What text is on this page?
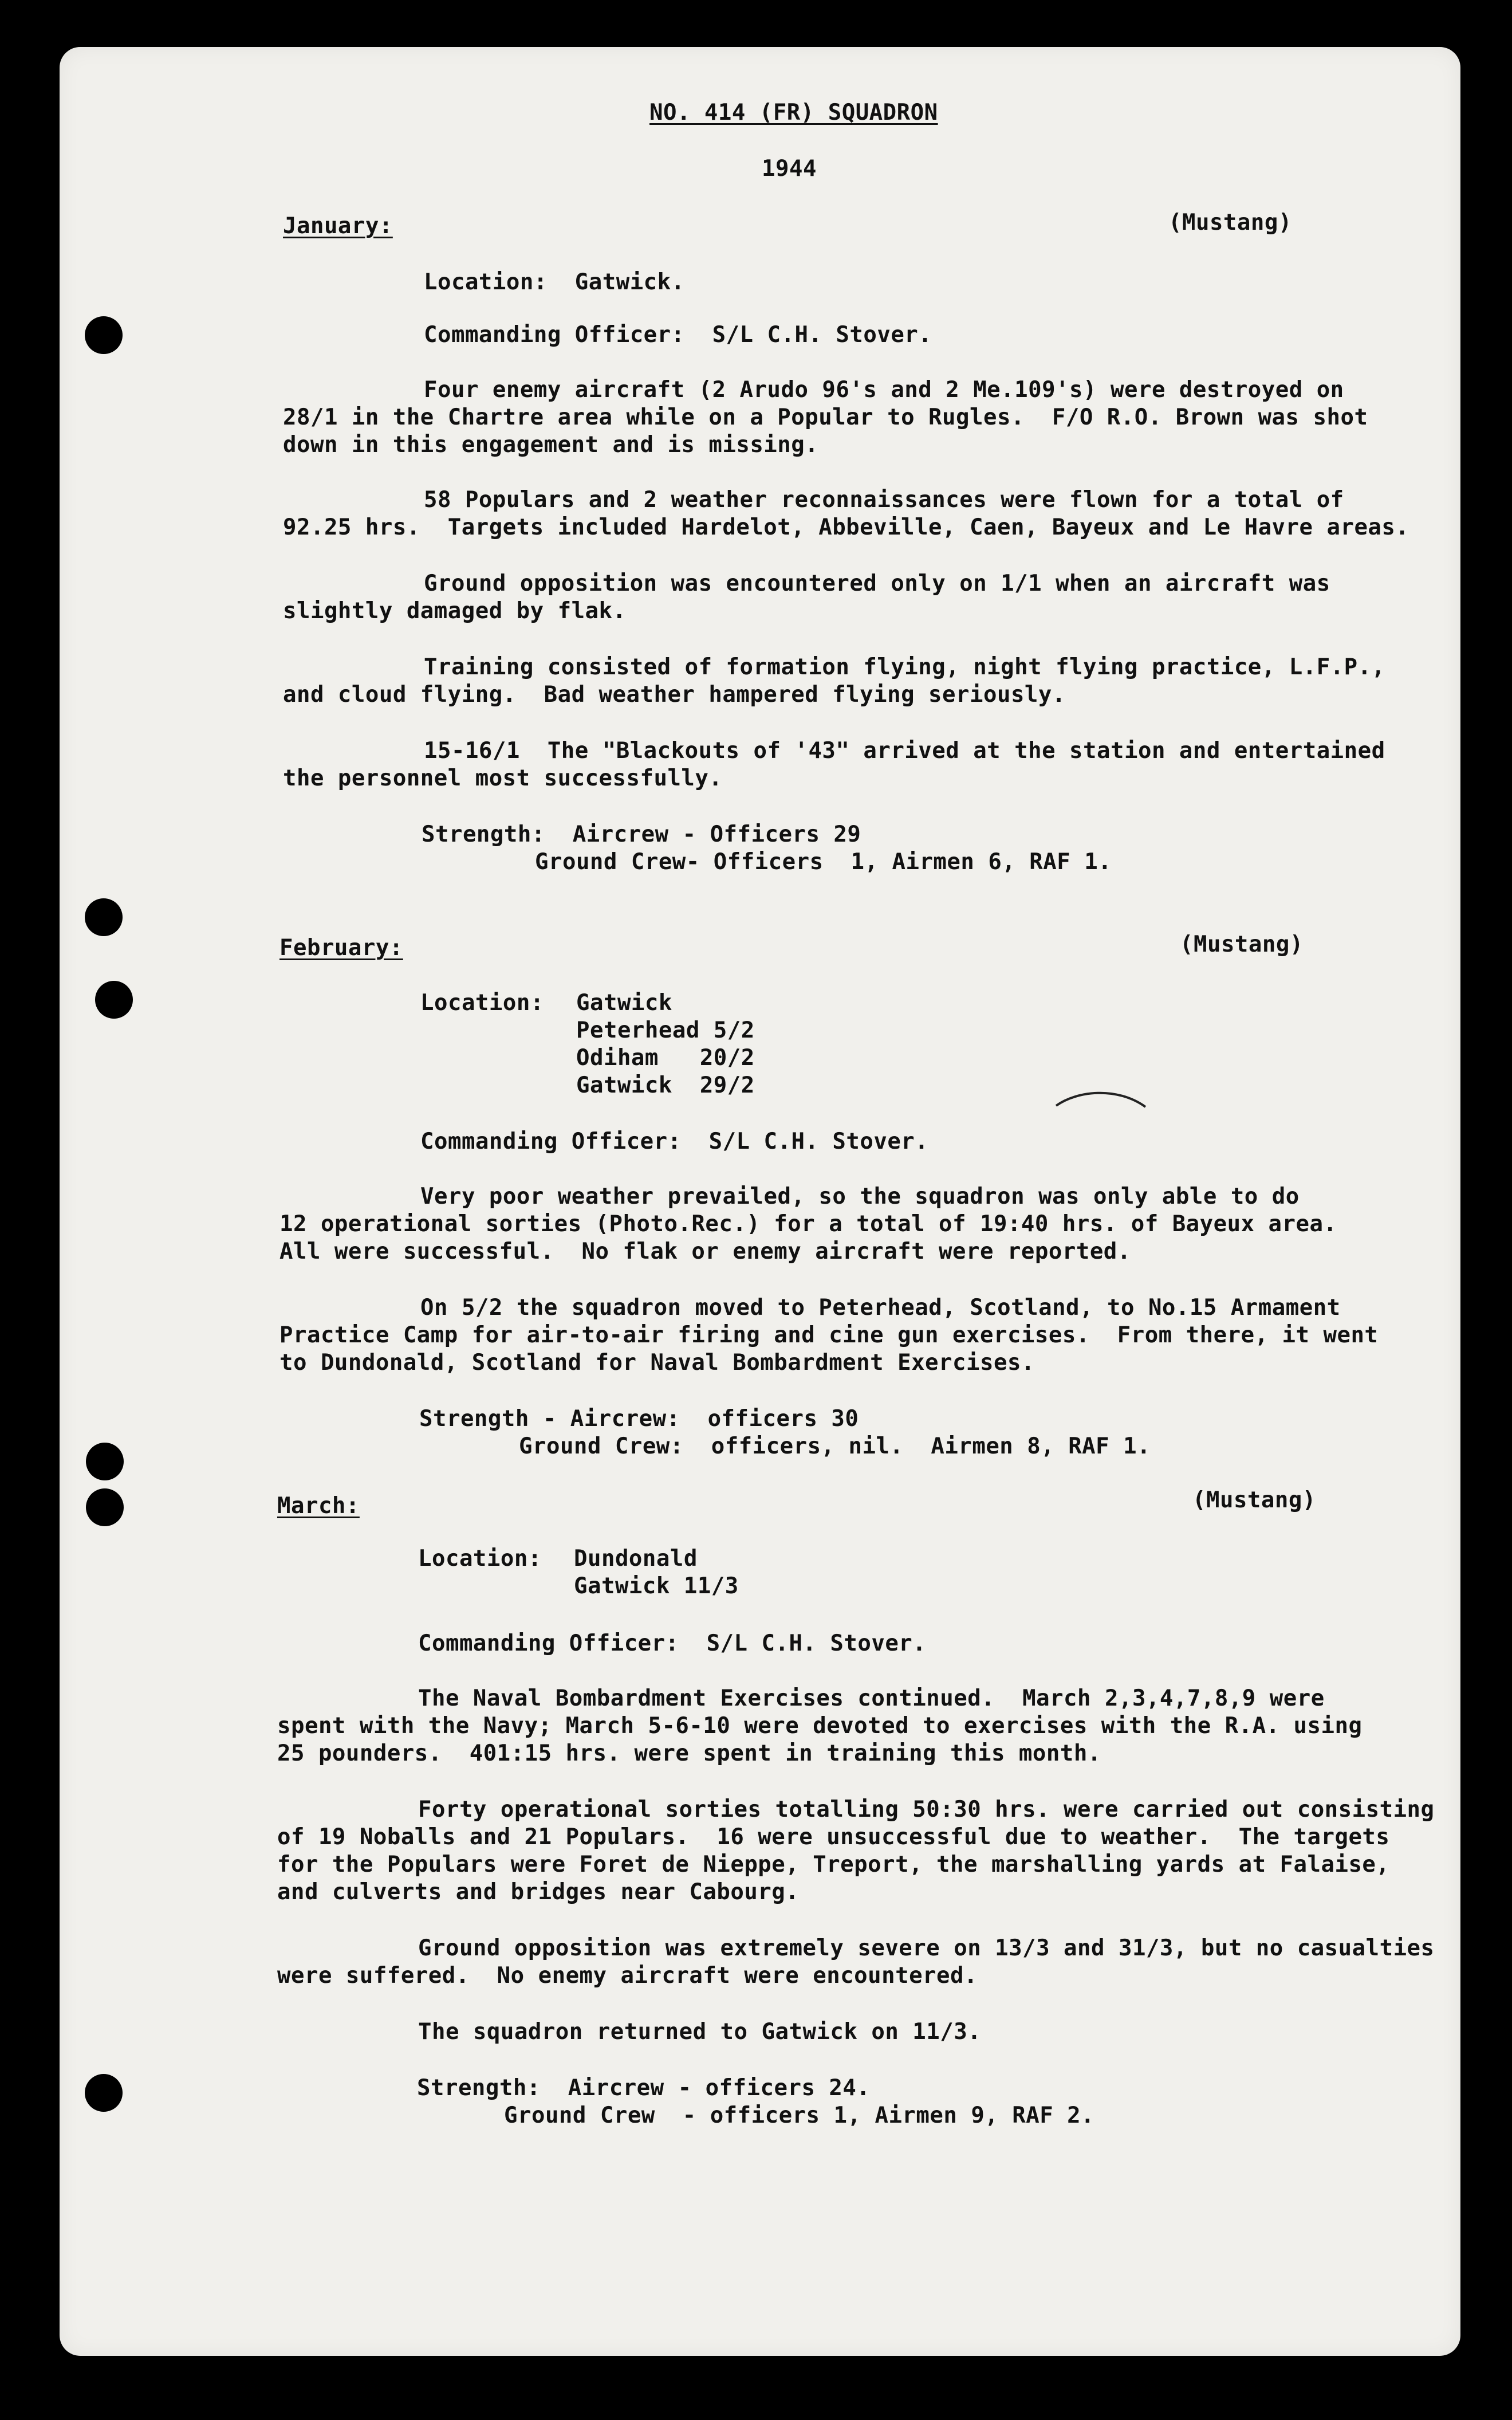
NO. 414 (FR) SQUADRON
1944
January:	(Mustang)
Location:  Gatwick.
Commanding Officer:  S/L C.H. Stover.
Four enemy aircraft (2 Arudo 96's and 2 Me.109's) were destroyed on
28/1 in the Chartre area while on a Popular to Rugles.  F/O R.O. Brown was shot
down in this engagement and is missing.
58 Populars and 2 weather reconnaissances were flown for a total of
92.25 hrs.  Targets included Hardelot, Abbeville, Caen, Bayeux and Le Havre areas.
Ground opposition was encountered only on 1/1 when an aircraft was
slightly damaged by flak.
Training consisted of formation flying, night flying practice, L.F.P.,
and cloud flying.  Bad weather hampered flying seriously.
15-16/1  The "Blackouts of '43" arrived at the station and entertained
the personnel most successfully.
Strength:  Aircrew - Officers 29
Ground Crew- Officers  1, Airmen 6, RAF 1.
February:	(Mustang)
Location: Gatwick
Peterhead 5/2
Odiham   20/2
Gatwick  29/2
Commanding Officer:  S/L C.H. Stover.
Very poor weather prevailed, so the squadron was only able to do
12 operational sorties (Photo.Rec.) for a total of 19:40 hrs. of Bayeux area.
All were successful.  No flak or enemy aircraft were reported.
On 5/2 the squadron moved to Peterhead, Scotland, to No.15 Armament
Practice Camp for air-to-air firing and cine gun exercises.  From there, it went
to Dundonald, Scotland for Naval Bombardment Exercises.
Strength - Aircrew:  officers 30
Ground Crew:  officers, nil.  Airmen 8, RAF 1.
March:	(Mustang)
Location: Dundonald
Gatwick 11/3
Commanding Officer:  S/L C.H. Stover.
The Naval Bombardment Exercises continued.  March 2,3,4,7,8,9 were
spent with the Navy; March 5-6-10 were devoted to exercises with the R.A. using
25 pounders.  401:15 hrs. were spent in training this month.
Forty operational sorties totalling 50:30 hrs. were carried out consisting
of 19 Noballs and 21 Populars.  16 were unsuccessful due to weather.  The targets
for the Populars were Foret de Nieppe, Treport, the marshalling yards at Falaise,
and culverts and bridges near Cabourg.
Ground opposition was extremely severe on 13/3 and 31/3, but no casualties
were suffered.  No enemy aircraft were encountered.
The squadron returned to Gatwick on 11/3.
Strength:  Aircrew - officers 24.
Ground Crew  - officers 1, Airmen 9, RAF 2.
